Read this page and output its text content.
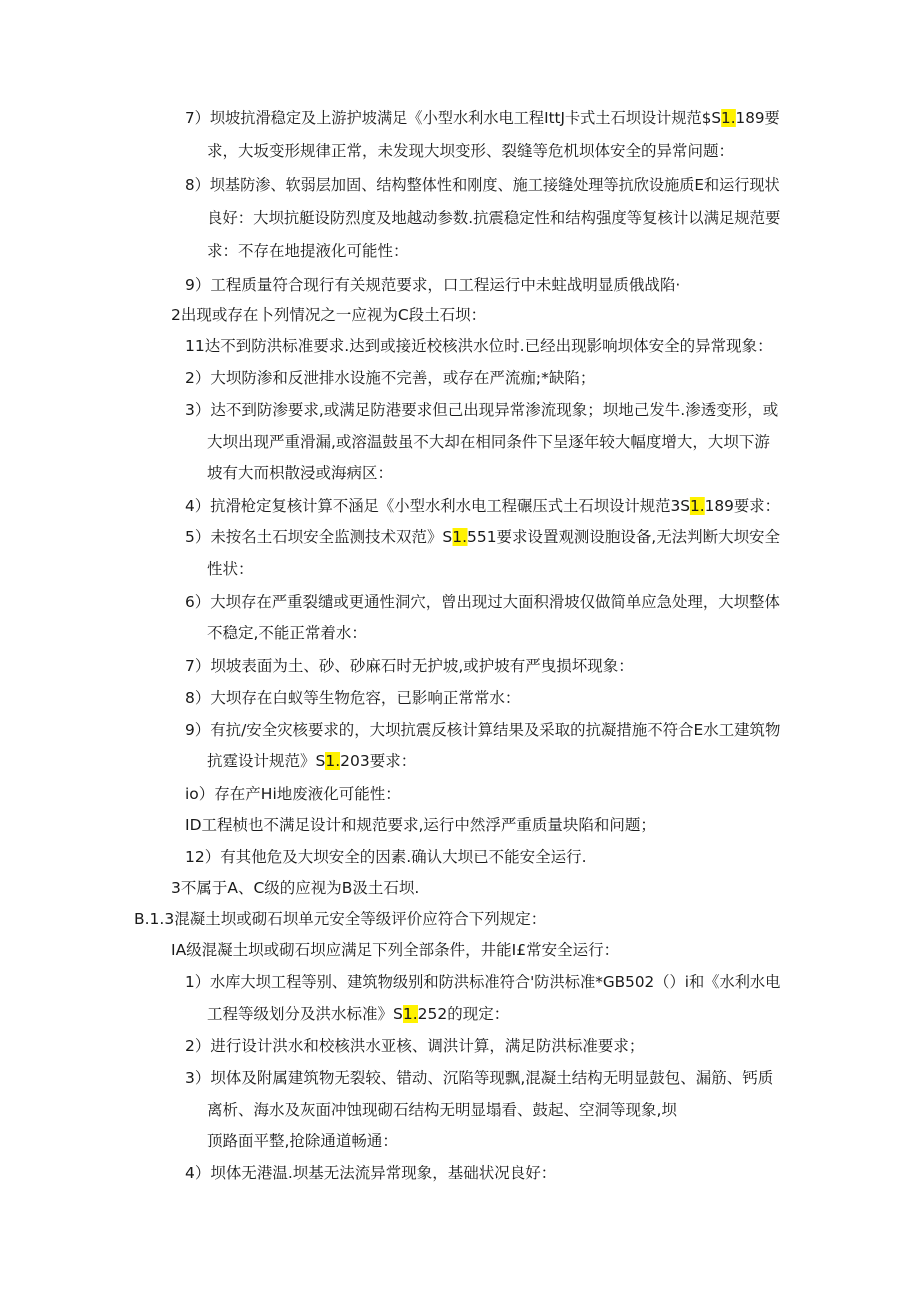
7）坝坡抗滑稳定及上游护坡满足《小型水利水电工程IttJ卡式土石坝设计规范$S1.189要
求，大坂变形规律正常，未发现大坝变形、裂缝等危机坝体安全的异常问题：
8）坝基防渗、软弱层加固、结构整体性和刚度、施工接缝处理等抗欣设施质E和运行现状
良好：大坝抗艇设防烈度及地越动参数.抗震稳定性和结构强度等复核计以满足规范要
求：不存在地提液化可能性：
9）工程质量符合现行有关规范要求，口工程运行中未蛀战明显质俄战陷·
2出现或存在卜列情况之一应视为C段土石坝：
11达不到防洪标准要求.达到或接近校核洪水位时.已经出现影响坝体安全的异常现象：
2）大坝防渗和反泄排水设施不完善，或存在严流痂;*缺陷；
3）达不到防渗要求,或满足防港要求但己出现异常渗流现象；坝地己发牛.渗透变形，或
大坝出现严重滑漏,或溶温鼓虽不大却在相同条件下呈逐年较大幅度增大，大坝下游
坡有大而枳散浸或海病区：
4）抗滑枪定复核计算不涵足《小型水利水电工程碾压式土石坝设计规范3S1.189要求：
5）未按名土石坝安全监测技术双范》S1.551要求设置观测设胞设备,无法判断大坝安全
性状：
6）大坝存在严重裂缱或更通性洞穴，曾出现过大面积滑坡仅做简单应急处理，大坝整体
不稳定,不能正常着水：
7）坝坡表面为土、砂、砂麻石时无护坡,或护坡有严曳损坏现象：
8）大坝存在白蚁等生物危容，已影响正常常水：
9）有抗/安全灾核要求的，大坝抗震反核计算结果及采取的抗凝措施不符合E水工建筑物
抗霆设计规范》S1.203要求：
io）存在产Hi地废液化可能性：
ID工程桢也不满足设计和规范要求,运行中然浮严重质量块陷和问题；
12）有其他危及大坝安全的因素.确认大坝已不能安全运行.
3不属于A、C级的应视为B汲土石坝.
B.1.3混凝土坝或砌石坝单元安全等级评价应符合下列规定：
IA级混凝土坝或砌石坝应满足下列全部条件，井能I£常安全运行：
1）水库大坝工程等别、建筑物级别和防洪标准符合'防洪标准*GB502（）i和《水利水电
工程等级划分及洪水标准》S1.252的现定：
2）进行设计洪水和校核洪水亚核、调洪计算，满足防洪标准要求；
3）坝体及附属建筑物无裂较、错动、沉陷等现飘,混凝土结构无明显鼓包、漏筋、钙质
离析、海水及灰面冲蚀现砌石结构无明显塌看、鼓起、空洞等现象,坝
顶路面平整,抢除通道畅通：
4）坝体无港温.坝基无法流异常现象，基础状况良好：
